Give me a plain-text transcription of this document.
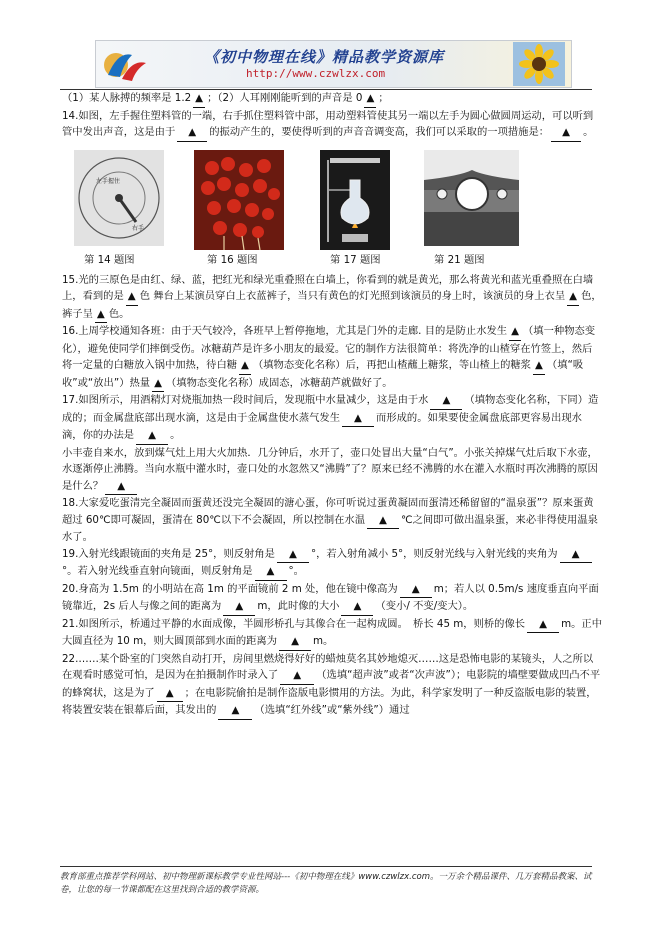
《初中物理在线》精品教学资源库
http://www.czwlzx.com

（1）某人脉搏的频率是 1.2 ▲ ；（2）人耳刚刚能听到的声音是 0 ▲ ；

14.如图，左手握住塑料管的一端，右手抓住塑料管中部，用动塑料管使其另一端以左手为圆心做圆周运动，可以听到管中发出声音，这是由于 ▲ 的振动产生的，要使得听到的声音音调变高，我们可以采取的一项措施是： ▲ 。

左手握住
右手
第 14 题图	第 16 题图	第 17 题图	第 21 题图

15.光的三原色是由红、绿、蓝，把红光和绿光重叠照在白墙上，你看到的就是黄光，那么将黄光和蓝光重叠照在白墙上，看到的是 ▲ 色 舞台上某演员穿白上衣蓝裤子，当只有黄色的灯光照到该演员的身上时，该演员的身上衣呈 ▲ 色，裤子呈 ▲ 色。

16.上周学校通知各班：由于天气较冷，各班早上暂停拖地，尤其是门外的走廊. 目的是防止水发生 ▲ （填一种物态变化），避免使同学们摔倒受伤。冰糖葫芦是许多小朋友的最爱。它的制作方法很简单：将洗净的山楂穿在竹签上，然后将一定量的白糖放入锅中加热，待白糖 ▲ （填物态变化名称）后，再把山楂蘸上糖浆，等山楂上的糖浆 ▲ （填“吸收”或“放出”）热量 ▲ （填物态变化名称）成固态，冰糖葫芦就做好了。

17.如图所示，用酒精灯对烧瓶加热一段时间后，发现瓶中水量减少，这是由于水 ▲ （填物态变化名称，下同）造成的；而金属盘底部出现水滴，这是由于金属盘使水蒸气发生 ▲ 而形成的。如果要使金属盘底部更容易出现水滴，你的办法是 ▲ 。

小丰壶自来水，放到煤气灶上用大火加热．几分钟后，水开了，壶口处冒出大量“白气”。小张关掉煤气灶后取下水壶，水逐渐停止沸腾。当向水瓶中灌水时，壶口处的水忽然又“沸腾”了？原来已经不沸腾的水在灌入水瓶时再次沸腾的原因是什么？ ▲

18.大家爱吃蛋清完全凝固而蛋黄还没完全凝固的溏心蛋，你可听说过蛋黄凝固而蛋清还稀留留的“温泉蛋”？原来蛋黄超过 60℃即可凝固，蛋清在 80℃以下不会凝固，所以控制在水温 ▲ ℃之间即可做出温泉蛋，来必非得使用温泉水了。

19.入射光线跟镜面的夹角是 25°，则反射角是 ▲ °，若入射角减小 5°，则反射光线与入射光线的夹角为 ▲°。若入射光线垂直射向镜面，则反射角是 ▲ °。

20.身高为 1.5m 的小明站在高 1m 的平面镜前 2 m 处，他在镜中像高为 ▲ m；若人以 0.5m/s 速度垂直向平面镜靠近，2s 后人与像之间的距离为 ▲ m，此时像的大小 ▲ （变小/ 不变/变大）。

21.如图所示，桥通过平静的水面成像，半圆形桥孔与其像合在一起构成圆。　桥长 45 m，则桥的像长 ▲ m。正中大圆直径为 10 m，则大圆顶部到水面的距离为 ▲ m。

22.……某个卧室的门突然自动打开，房间里燃烧得好好的蜡烛莫名其妙地熄灭……这是恐怖电影的某镜头，人之所以在观看时感觉可怕，是因为在拍摄制作时录入了 ▲ （选填“超声波”或者“次声波”）；电影院的墙壁要做成凹凸不平的蜂窝状，这是为了 ▲ ；在电影院偷拍是制作盗版电影惯用的方法。为此，科学家发明了一种反盗版电影的装置，将装置安装在银幕后面，其发出的 ▲ （选填“红外线”或“紫外线”）通过

教育部重点推荐学科网站、初中物理新课标教学专业性网站---《初中物理在线》www.czwlzx.com。一万余个精品课件、几万套精品教案、试卷，让您的每一节课都配在这里找到合适的教学资源。
